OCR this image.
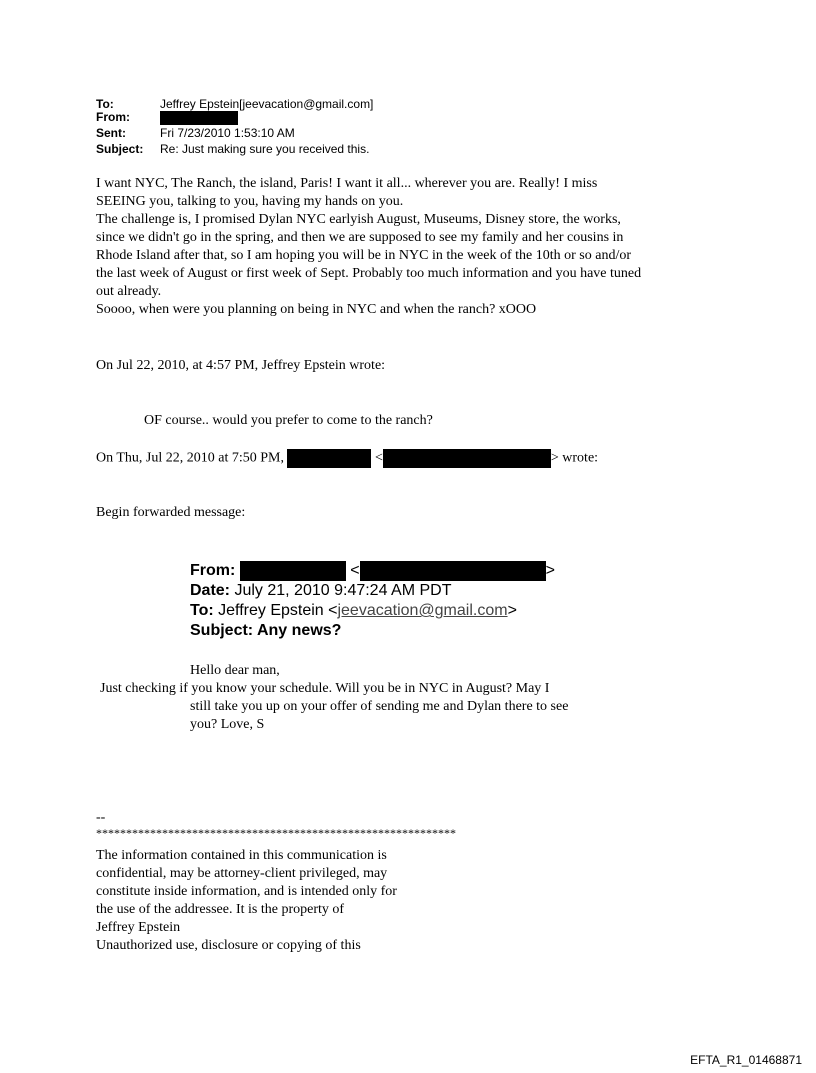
To:	Jeffrey Epstein[jeevacation@gmail.com]
From:
Sent:	Fri 7/23/2010 1:53:10 AM
Subject: Re: Just making sure you received this.
I want NYC, The Ranch, the island, Paris! I want it all... wherever you are. Really! I miss
SEEING you, talking to you, having my hands on you.
The challenge is, I promised Dylan NYC earlyish August, Museums, Disney store, the works,
since we didn't go in the spring, and then we are supposed to see my family and her cousins in
Rhode Island after that, so I am hoping you will be in NYC in the week of the 10th or so and/or
the last week of August or first week of Sept. Probably too much information and you have tuned
out already.
Soooo, when were you planning on being in NYC and when the ranch? xOOO
On Jul 22, 2010, at 4:57 PM, Jeffrey Epstein wrote:
OF course.. would you prefer to come to the ranch?
On Thu, Jul 22, 2010 at 7:50 PM,	<	> wrote:
Begin forwarded message:
From:	<	>
Date: July 21, 2010 9:47:24 AM PDT
To: Jeffrey Epstein <jeevacation@gmail.com>
Subject: Any news?
Hello dear man,
Just checking if you know your schedule. Will you be in NYC in August? May I
still take you up on your offer of sending me and Dylan there to see
you? Love, S
--
************************************************************
The information contained in this communication is
confidential, may be attorney-client privileged, may
constitute inside information, and is intended only for
the use of the addressee. It is the property of
Jeffrey Epstein
Unauthorized use, disclosure or copying of this
EFTA_R1_01468871
